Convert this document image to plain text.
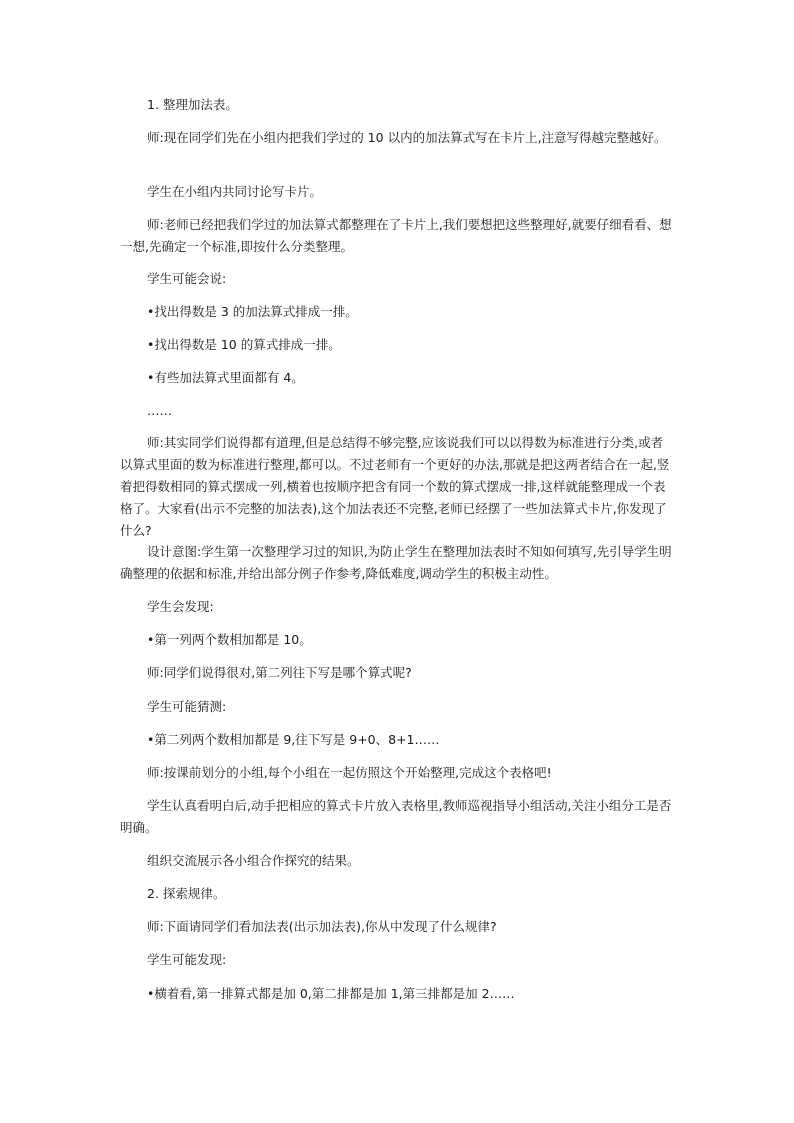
1. 整理加法表。

师:现在同学们先在小组内把我们学过的 10 以内的加法算式写在卡片上,注意写得越完整越好。

学生在小组内共同讨论写卡片。

师:老师已经把我们学过的加法算式都整理在了卡片上,我们要想把这些整理好,就要仔细看看、想一想,先确定一个标准,即按什么分类整理。

学生可能会说:

•找出得数是 3 的加法算式排成一排。

•找出得数是 10 的算式排成一排。

•有些加法算式里面都有 4。

……

师:其实同学们说得都有道理,但是总结得不够完整,应该说我们可以以得数为标准进行分类,或者以算式里面的数为标准进行整理,都可以。不过老师有一个更好的办法,那就是把这两者结合在一起,竖着把得数相同的算式摆成一列,横着也按顺序把含有同一个数的算式摆成一排,这样就能整理成一个表格了。大家看(出示不完整的加法表),这个加法表还不完整,老师已经摆了一些加法算式卡片,你发现了什么?

设计意图:学生第一次整理学习过的知识,为防止学生在整理加法表时不知如何填写,先引导学生明确整理的依据和标准,并给出部分例子作参考,降低难度,调动学生的积极主动性。

学生会发现:

•第一列两个数相加都是 10。

师:同学们说得很对,第二列往下写是哪个算式呢?

学生可能猜测:

•第二列两个数相加都是 9,往下写是 9+0、8+1……

师:按课前划分的小组,每个小组在一起仿照这个开始整理,完成这个表格吧!

学生认真看明白后,动手把相应的算式卡片放入表格里,教师巡视指导小组活动,关注小组分工是否明确。

组织交流展示各小组合作探究的结果。

2. 探索规律。

师:下面请同学们看加法表(出示加法表),你从中发现了什么规律?

学生可能发现:

•横着看,第一排算式都是加 0,第二排都是加 1,第三排都是加 2……
